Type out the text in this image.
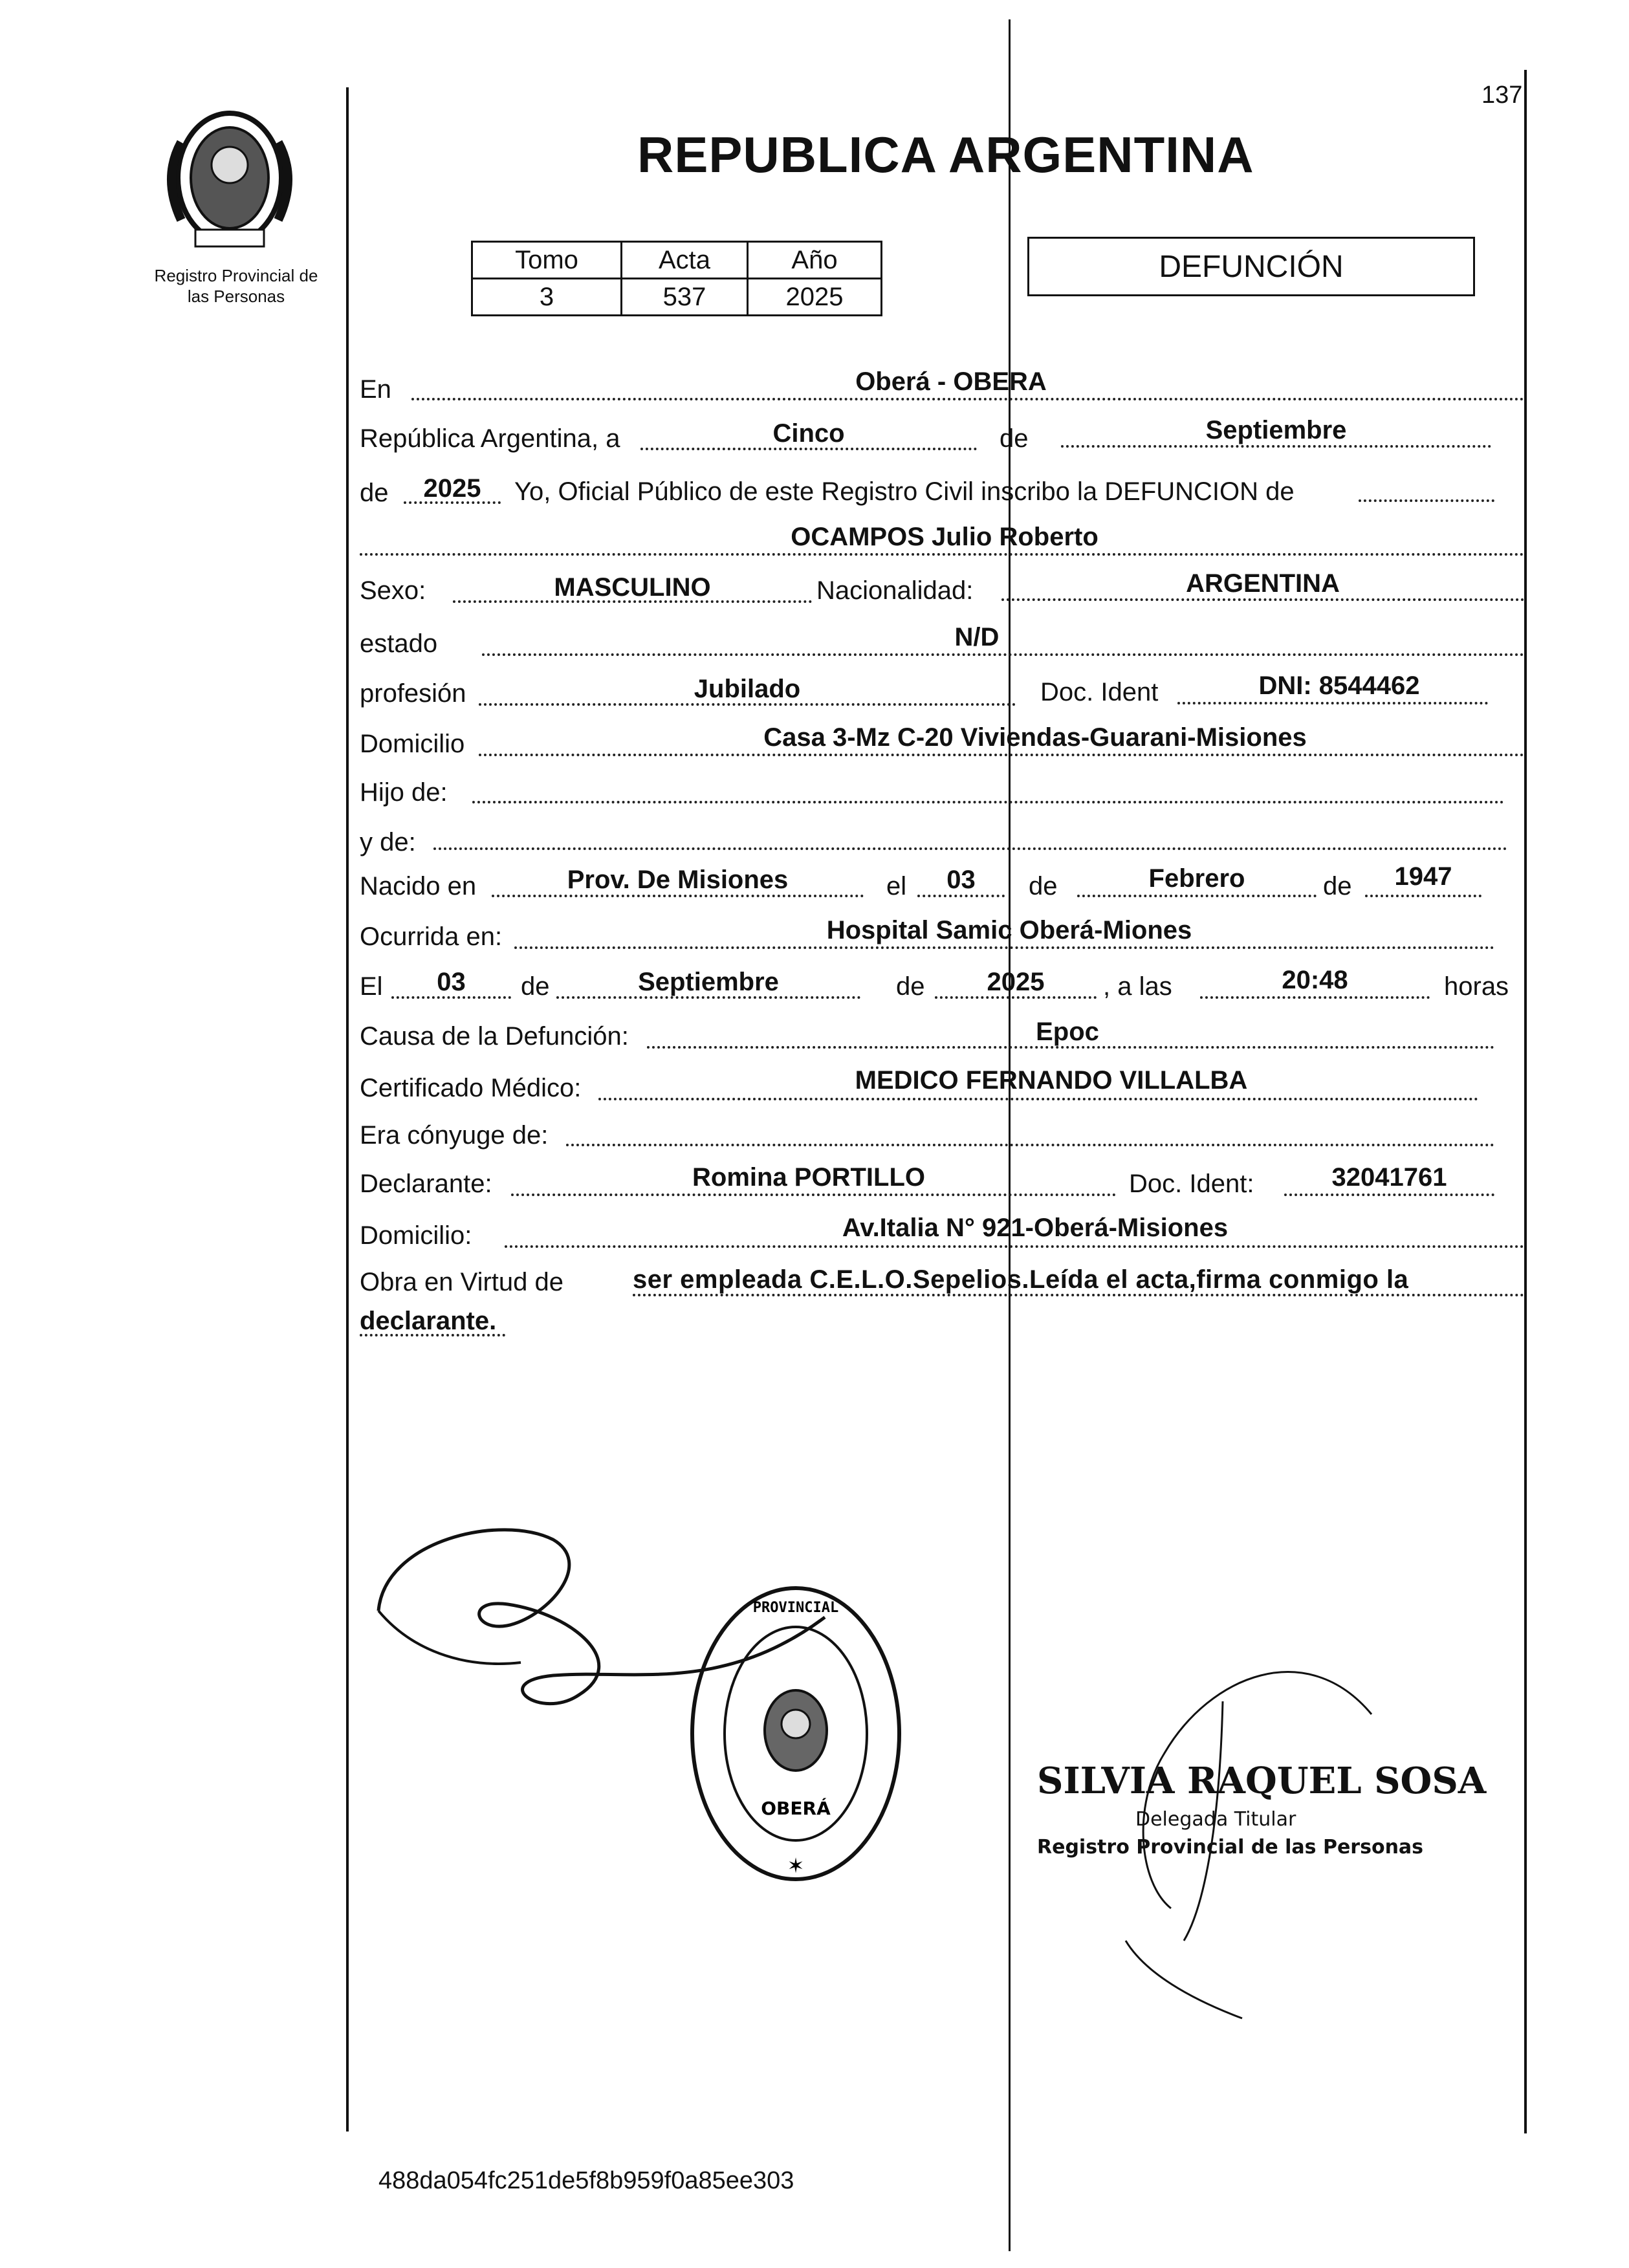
Registro Provincial de
las Personas
137
REPUBLICA ARGENTINA
Tomo	Acta	Año
3	537	2025
DEFUNCIÓN
En	Oberá - OBERA
República Argentina, a	Cinco	de	Septiembre
de	2025	Yo, Oficial Público de este Registro Civil inscribo la DEFUNCION de
OCAMPOS Julio Roberto
Sexo:	MASCULINO	Nacionalidad:	ARGENTINA
estado	N/D
profesión	Jubilado	Doc. Ident	DNI: 8544462
Domicilio	Casa 3-Mz C-20 Viviendas-Guarani-Misiones
Hijo de:
y de:
Nacido en	Prov. De Misiones	el	03	de	Febrero	de	1947
Ocurrida en:	Hospital Samic Oberá-Miones
El	03	de	Septiembre	de	2025	, a las	20:48	horas
Causa de la Defunción:	Epoc
Certificado Médico:	MEDICO FERNANDO VILLALBA
Era cónyuge de:
Declarante:	Romina PORTILLO	Doc. Ident:	32041761
Domicilio:	Av.Italia N° 921-Oberá-Misiones
Obra en Virtud de	ser empleada C.E.L.O.Sepelios.Leída el acta,firma conmigo la
declarante.
OBERÁ
✶
PROVINCIAL
SILVIA RAQUEL SOSA
Delegada Titular
Registro Provincial de las Personas
488da054fc251de5f8b959f0a85ee303
